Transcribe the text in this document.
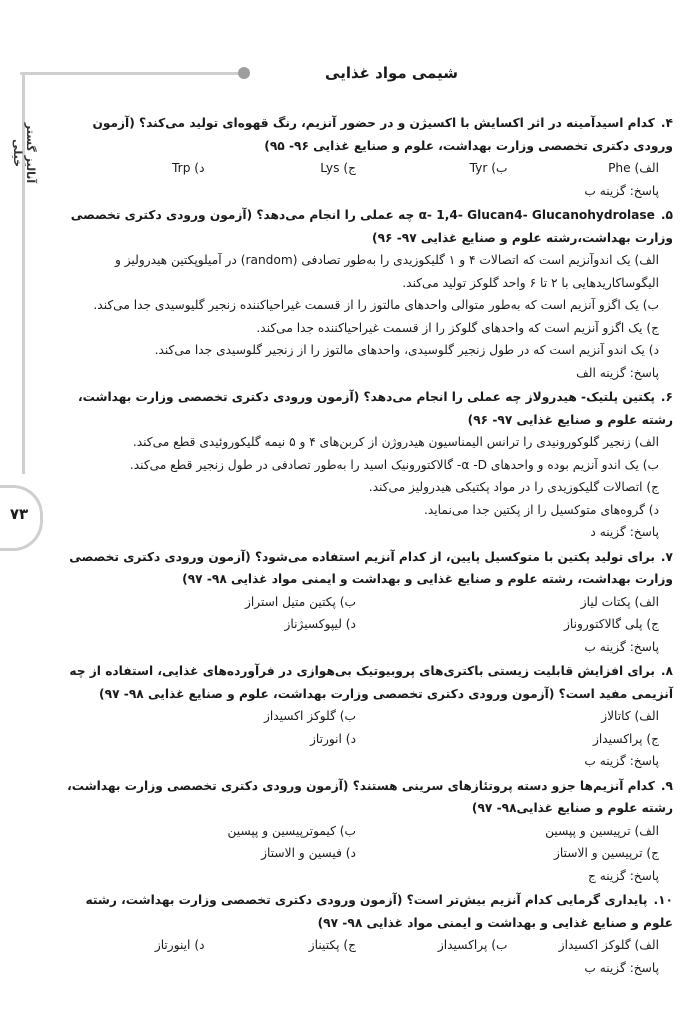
شیمی مواد غذایی
آنالیز گستر خیلی
۷۳
۴.کدام اسیدآمینه در اثر اکسایش با اکسیژن و در حضور آنزیم، رنگ قهوه‌ای تولید می‌کند؟ (آزمون ورودی دکتری تخصصی وزارت بهداشت، علوم و صنایع غذایی ۹۶- ۹۵)
الف) Phe
ب) Tyr
ج) Lys
د) Trp
پاسخ: گزینه ب
۵.α- 1,4- Glucan4- Glucanohydrolase چه عملی را انجام می‌دهد؟ (آزمون ورودی دکتری تخصصی وزارت بهداشت،رشته علوم و صنایع غذایی ۹۷- ۹۶)
الف) یک اندوآنزیم است که اتصالات ۴ و ۱ گلیکوزیدی را به‌طور تصادفی (random) در آمیلوپکتین هیدرولیز و الیگوساکاریدهایی با ۲ تا ۶ واحد گلوکز تولید می‌کند.
ب) یک اگزو آنزیم است که به‌طور متوالی واحدهای مالتوز را از قسمت غیراحیاکننده زنجیر گلیوسیدی جدا می‌کند.
ج) یک اگزو آنزیم است که واحدهای گلوکز را از قسمت غیراحیاکننده جدا می‌کند.
د) یک اندو آنزیم است که در طول زنجیر گلوسیدی، واحدهای مالتوز را از زنجیر گلوسیدی جدا می‌کند.
پاسخ: گزینه الف
۶.پکتین پلتیک- هیدرولاز چه عملی را انجام می‌دهد؟ (آزمون ورودی دکتری تخصصی وزارت بهداشت، رشته علوم و صنایع غذایی ۹۷- ۹۶)
الف) زنجیر گلوکورونیدی را ترانس الیمناسیون هیدروژن از کربن‌های ۴ و ۵ نیمه گلیکوروئیدی قطع می‌کند.
ب) یک اندو آنزیم بوده و واحدهای α -D- گالاکتورونیک اسید را به‌طور تصادفی در طول زنجیر قطع می‌کند.
ج) اتصالات گلیکوزیدی را در مواد پکتیکی هیدرولیز می‌کند.
د) گروه‌های متوکسیل را از پکتین جدا می‌نماید.
پاسخ: گزینه د
۷.برای تولید پکتین با متوکسیل پایین، از کدام آنزیم استفاده می‌شود؟ (آزمون ورودی دکتری تخصصی وزارت بهداشت، رشته علوم و صنایع غذایی و بهداشت و ایمنی مواد غذایی ۹۸- ۹۷)
الف) پکتات لیاز
ب) پکتین متیل استراز
ج) پلی گالاکتوروناز
د) لیپوکسیژناز
پاسخ: گزینه ب
۸.برای افزایش قابلیت زیستی باکتری‌های پروبیوتیک بی‌هوازی در فرآورده‌های غذایی، استفاده از چه آنزیمی مفید است؟ (آزمون ورودی دکتری تخصصی وزارت بهداشت، علوم و صنایع غذایی ۹۸- ۹۷)
الف) کاتالاز
ب) گلوکز اکسیداز
ج) پراکسیداز
د) انورتاز
پاسخ: گزینه ب
۹.کدام آنزیم‌ها جزو دسته پروتئازهای سرینی هستند؟ (آزمون ورودی دکتری تخصصی وزارت بهداشت، رشته علوم و صنایع غذایی۹۸- ۹۷)
الف) ترپیسین و پپسین
ب) کیموترپیسین و پپسین
ج) ترپیسین و الاستاز
د) فیسین و الاستاز
پاسخ: گزینه ج
۱۰.پایداری گرمایی کدام آنزیم بیش‌تر است؟ (آزمون ورودی دکتری تخصصی وزارت بهداشت، رشته علوم و صنایع غذایی و بهداشت و ایمنی مواد غذایی ۹۸- ۹۷)
الف) گلوکز اکسیداز
ب) پراکسیداز
ج) پکتیناز
د) اینورتاز
پاسخ: گزینه ب
